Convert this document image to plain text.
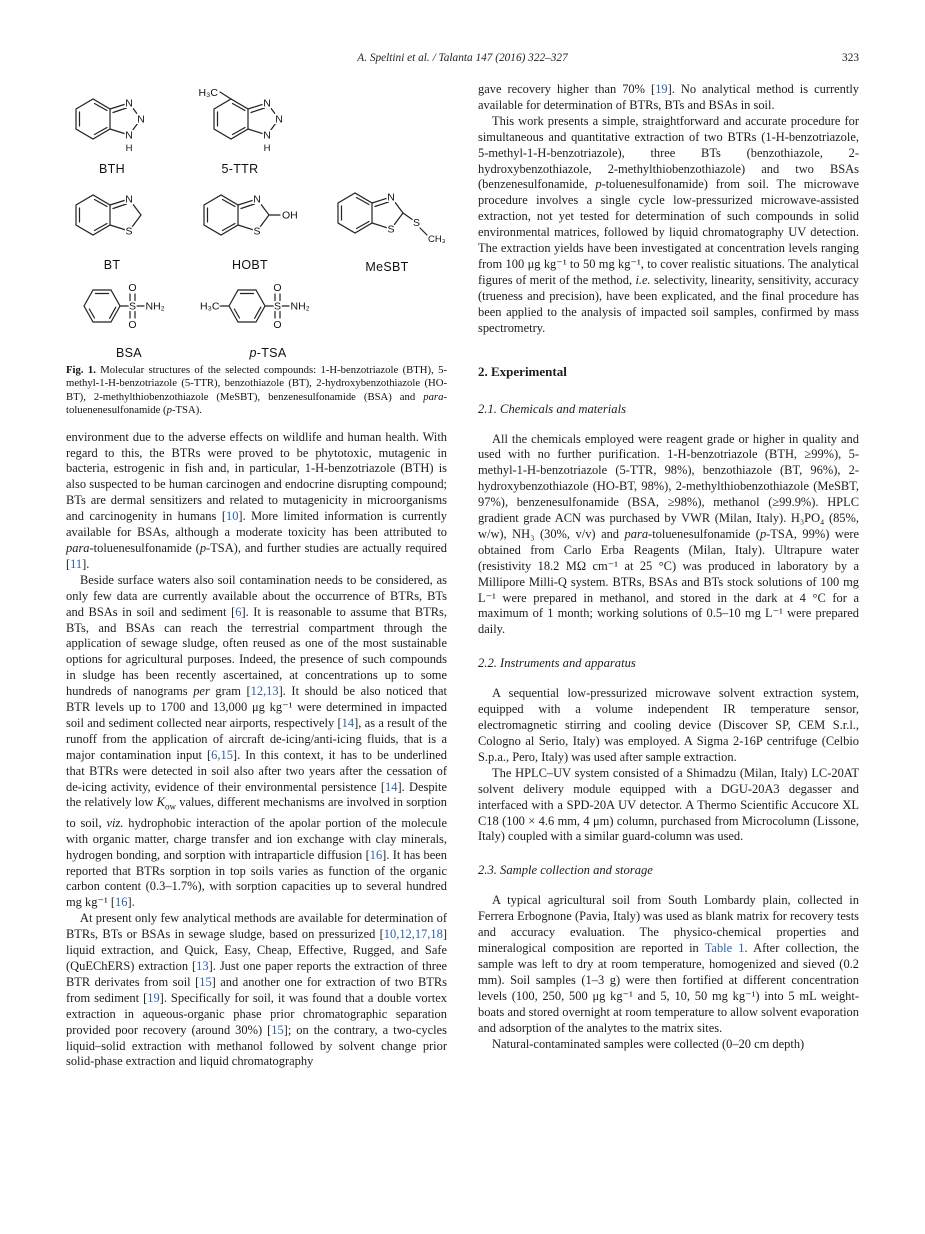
A. Speltini et al. / Talanta 147 (2016) 322–327	323
N
N
N
H
BTH
H₃C
N
N
N
H
5-TTR
N
S
BT
N
S
OH
HOBT
N
S
S
CH₃
MeSBT
S
O
O
NH₂
BSA
H₃C	S
O
O
NH₂
p-TSA
Fig. 1. Molecular structures of the selected compounds: 1-H-benzotriazole (BTH), 5-methyl-1-H-benzotriazole (5-TTR), benzothiazole (BT), 2-hydroxybenzothiazole (HO-BT), 2-methylthiobenzothiazole (MeSBT), benzenesulfonamide (BSA) and para-toluenenesulfonamide (p-TSA).

environment due to the adverse effects on wildlife and human health. With regard to this, the BTRs were proved to be phytotoxic, mutagenic in bacteria, estrogenic in fish and, in particular, 1-H-benzotriazole (BTH) is also suspected to be human carcinogen and endocrine disrupting compound; BTs are dermal sensitizers and related to mutagenicity in microorganisms and carcinogenity in humans [10]. More limited information is currently available for BSAs, although a moderate toxicity has been attributed to para-toluenesulfonamide (p-TSA), and further studies are actually required [11].

Beside surface waters also soil contamination needs to be considered, as only few data are currently available about the occurrence of BTRs, BTs and BSAs in soil and sediment [6]. It is reasonable to assume that BTRs, BTs, and BSAs can reach the terrestrial compartment through the application of sewage sludge, often reused as one of the most sustainable options for agricultural purposes. Indeed, the presence of such compounds in sludge has been recently ascertained, at concentrations up to some hundreds of nanograms per gram [12,13]. It should be also noticed that BTR levels up to 1700 and 13,000 μg kg⁻¹ were determined in impacted soil and sediment collected near airports, respectively [14], as a result of the runoff from the application of aircraft de-icing/anti-icing fluids, that is a major contamination input [6,15]. In this context, it has to be underlined that BTRs were detected in soil also after two years after the cessation of de-icing activity, evidence of their environmental persistence [14]. Despite the relatively low $K_{ow}$ values, different mechanisms are involved in sorption to soil, viz. hydrophobic interaction of the apolar portion of the molecule with organic matter, charge transfer and ion exchange with clay minerals, hydrogen bonding, and sorption with intraparticle diffusion [16]. It has been reported that BTRs sorption in top soils varies as function of the organic carbon content (0.3–1.7%), with sorption capacities up to several hundred mg kg⁻¹ [16].

At present only few analytical methods are available for determination of BTRs, BTs or BSAs in sewage sludge, based on pressurized [10,12,17,18] liquid extraction, and Quick, Easy, Cheap, Effective, Rugged, and Safe (QuEChERS) extraction [13]. Just one paper reports the extraction of three BTR derivates from soil [15] and another one for extraction of two BTRs from sediment [19]. Specifically for soil, it was found that a double vortex extraction in aqueous-organic phase prior chromatographic separation provided poor recovery (around 30%) [15]; on the contrary, a two-cycles liquid–solid extraction with methanol followed by solvent change prior solid-phase extraction and liquid chromatography

gave recovery higher than 70% [19]. No analytical method is currently available for determination of BTRs, BTs and BSAs in soil.

This work presents a simple, straightforward and accurate procedure for simultaneous and quantitative extraction of two BTRs (1-H-benzotriazole, 5-methyl-1-H-benzotriazole), three BTs (benzothiazole, 2-hydroxybenzothiazole, 2-methylthiobenzothiazole) and two BSAs (benzenesulfonamide, p-toluenesulfonamide) from soil. The microwave procedure involves a single cycle low-pressurized microwave-assisted extraction, not yet tested for determination of such compounds in solid environmental matrices, followed by liquid chromatography UV detection. The extraction yields have been investigated at concentration levels ranging from 100 μg kg⁻¹ to 50 mg kg⁻¹, to cover realistic situations. The analytical figures of merit of the method, i.e. selectivity, linearity, sensitivity, accuracy (trueness and precision), have been explicated, and the final procedure has been applied to the analysis of impacted soil samples, confirmed by mass spectrometry.

2. Experimental
2.1. Chemicals and materials

All the chemicals employed were reagent grade or higher in quality and used with no further purification. 1-H-benzotriazole (BTH, ≥99%), 5-methyl-1-H-benzotriazole (5-TTR, 98%), benzothiazole (BT, 96%), 2-hydroxybenzothiazole (HO-BT, 98%), 2-methylthiobenzothiazole (MeSBT, 97%), benzenesulfonamide (BSA, ≥98%), methanol (≥99.9%). HPLC gradient grade ACN was purchased by VWR (Milan, Italy). H₃PO₄ (85%, w/w), NH₃ (30%, v/v) and para-toluenesulfonamide (p-TSA, 99%) were obtained from Carlo Erba Reagents (Milan, Italy). Ultrapure water (resistivity 18.2 MΩ cm⁻¹ at 25 °C) was produced in laboratory by a Millipore Milli-Q system. BTRs, BSAs and BTs stock solutions of 100 mg L⁻¹ were prepared in methanol, and stored in the dark at 4 °C for a maximum of 1 month; working solutions of 0.5–10 mg L⁻¹ were prepared daily.

2.2. Instruments and apparatus

A sequential low-pressurized microwave solvent extraction system, equipped with a volume independent IR temperature sensor, electromagnetic stirring and cooling device (Discover SP, CEM S.r.l., Cologno al Serio, Italy) was employed. A Sigma 2-16P centrifuge (Celbio S.p.a., Pero, Italy) was used after sample extraction.

The HPLC–UV system consisted of a Shimadzu (Milan, Italy) LC-20AT solvent delivery module equipped with a DGU-20A3 degasser and interfaced with a SPD-20A UV detector. A Thermo Scientific Accucore XL C18 (100 × 4.6 mm, 4 μm) column, purchased from Microcolumn (Lissone, Italy) coupled with a similar guard-column was used.

2.3. Sample collection and storage

A typical agricultural soil from South Lombardy plain, collected in Ferrera Erbognone (Pavia, Italy) was used as blank matrix for recovery tests and accuracy evaluation. The physico-chemical properties and mineralogical composition are reported in Table 1. After collection, the sample was left to dry at room temperature, homogenized and sieved (0.2 mm). Soil samples (1–3 g) were then fortified at different concentration levels (100, 250, 500 μg kg⁻¹ and 5, 10, 50 mg kg⁻¹) into 5 mL weight-boats and stored overnight at room temperature to allow solvent evaporation and adsorption of the analytes to the matrix sites.

Natural-contaminated samples were collected (0–20 cm depth)
